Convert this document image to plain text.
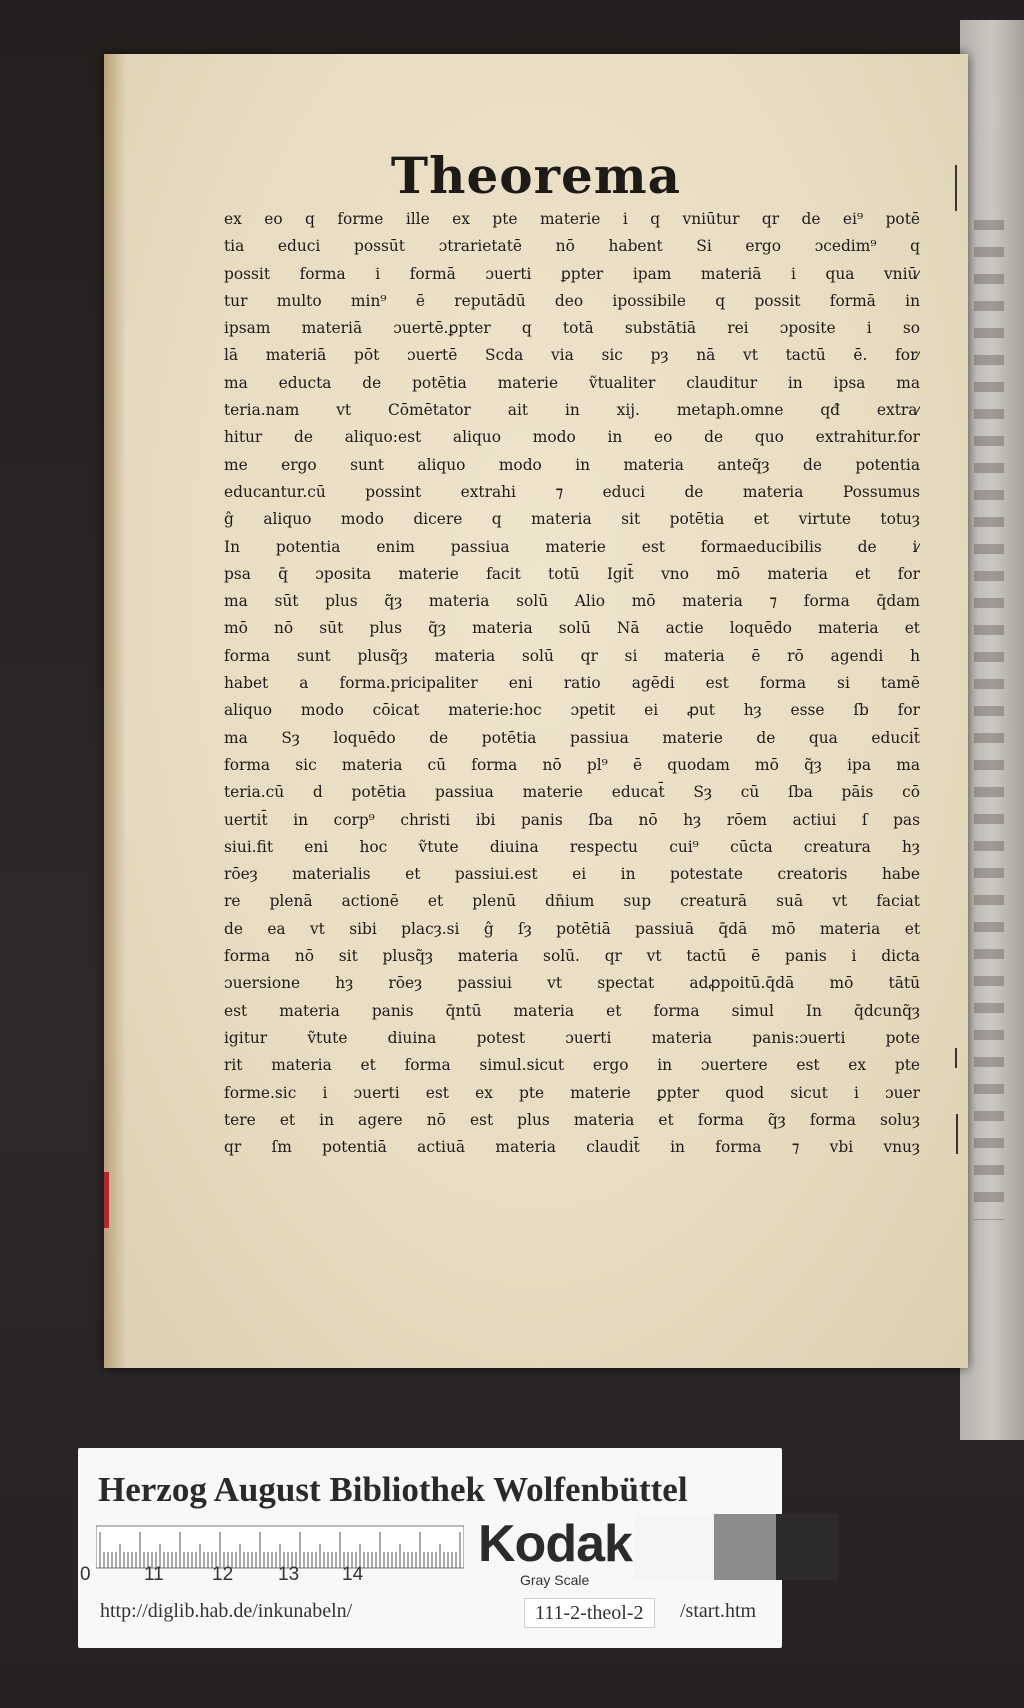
Theorema
ex eo q forme ille ex pte materie i q vniūtur qr de ei⁹ potē
tia educi possūt ɔtrarietatē nō habent Si ergo ɔcedim⁹ q
possit forma i formā ɔuerti ꝑpter ipam materiā i qua vniū⁄
tur multo min⁹ ē reputādū deo ipossibile q possit formā in
ipsam materiā ɔuertē.ꝑpter q totā substātiā rei ɔposite i so
lā materiā pōt ɔuertē Scda via sic pȝ nā vt tactū ē. for⁄
ma educta de potētia materie ṽtualiter clauditur in ipsa ma
teria.nam vt Cōmētator ait in xij. metaph.omne qđ extra⁄
hitur de aliquo:est aliquo modo in eo de quo extrahitur.for
me ergo sunt aliquo modo in materia anteq̃ȝ de potentia
educantur.cū possint extrahi ⁊ educi de materia Possumus
ĝ aliquo modo dicere q materia sit potētia et virtute totuȝ
In potentia enim passiua materie est formaeducibilis de i⁄
psa q̄ ɔposita materie facit totū Igit̄ vno mō materia et for
ma sūt plus q̃ȝ materia solū Alio mō materia ⁊ forma q̄dam
mō nō sūt plus q̃ȝ materia solū Nā actie loquēdo materia et
forma sunt plusq̃ȝ materia solū qr si materia ē rō agendi h
habet a forma.pricipaliter eni ratio agēdi est forma si tamē
aliquo modo cōicat materie:hoc ɔpetit ei ꝓut hȝ esse ſb for
ma Sȝ loquēdo de potētia passiua materie de qua educit̄
forma sic materia cū forma nō pl⁹ ē quodam mō q̃ȝ ipa ma
teria.cū d potētia passiua materie educat̄ Sȝ cū ſba pāis cō
uertit̄ in corp⁹ christi ibi panis ſba nō hȝ rōem actiui ſ pas
siui.fit eni hoc ṽtute diuina respectu cui⁹ cūcta creatura hȝ
rōeȝ materialis et passiui.est ei in potestate creatoris habe
re plenā actionē et plenū dn̄ium sup creaturā suā vt faciat
de ea vt sibi placȝ.si ĝ ſȝ potētiā passiuā q̄dā mō materia et
forma nō sit plusq̃ȝ materia solū. qr vt tactū ē panis i dicta
ɔuersione hȝ rōeȝ passiui vt spectat adꝓpoitū.q̄dā mō tātū
est materia panis q̄ntū materia et forma simul In q̄dcunq̃ȝ
igitur ṽtute diuina potest ɔuerti materia panis:ɔuerti pote
rit materia et forma simul.sicut ergo in ɔuertere est ex pte
forme.sic i ɔuerti est ex pte materie ꝑpter quod sicut i ɔuer
tere et in agere nō est plus materia et forma q̃ȝ forma soluȝ
qr ſm potentiā actiuā materia claudit̄ in forma ⁊ vbi vnuȝ
Herzog August Bibliothek Wolfenbüttel
0	11	12 13 14
Kodak
Gray Scale
http://diglib.hab.de/inkunabeln/	111-2-theol-2	/start.htm
